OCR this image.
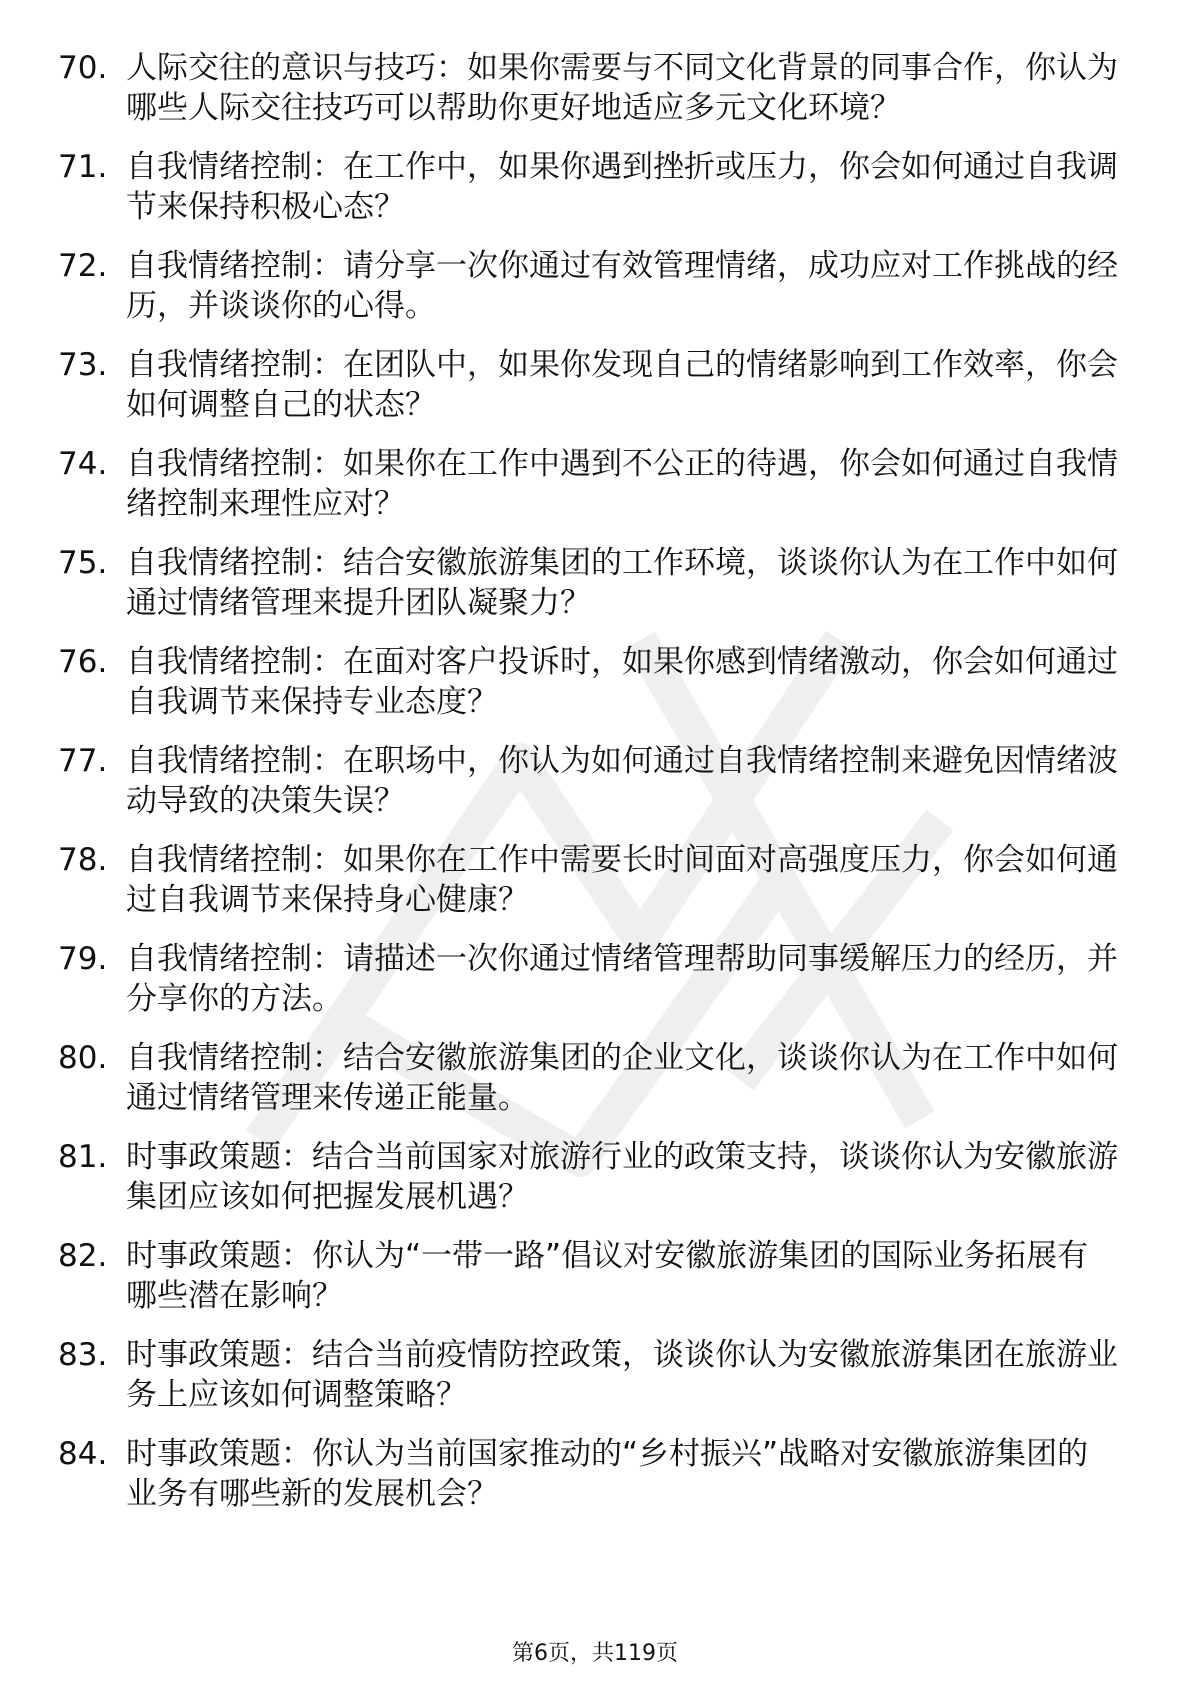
70. 人际交往的意识与技巧：如果你需要与不同文化背景的同事合作，你认为哪些人际交往技巧可以帮助你更好地适应多元文化环境？
71. 自我情绪控制：在工作中，如果你遇到挫折或压力，你会如何通过自我调节来保持积极心态？
72. 自我情绪控制：请分享一次你通过有效管理情绪，成功应对工作挑战的经历，并谈谈你的心得。
73. 自我情绪控制：在团队中，如果你发现自己的情绪影响到工作效率，你会如何调整自己的状态？
74. 自我情绪控制：如果你在工作中遇到不公正的待遇，你会如何通过自我情绪控制来理性应对？
75. 自我情绪控制：结合安徽旅游集团的工作环境，谈谈你认为在工作中如何通过情绪管理来提升团队凝聚力？
76. 自我情绪控制：在面对客户投诉时，如果你感到情绪激动，你会如何通过自我调节来保持专业态度？
77. 自我情绪控制：在职场中，你认为如何通过自我情绪控制来避免因情绪波动导致的决策失误？
78. 自我情绪控制：如果你在工作中需要长时间面对高强度压力，你会如何通过自我调节来保持身心健康？
79. 自我情绪控制：请描述一次你通过情绪管理帮助同事缓解压力的经历，并分享你的方法。
80. 自我情绪控制：结合安徽旅游集团的企业文化，谈谈你认为在工作中如何通过情绪管理来传递正能量。
81. 时事政策题：结合当前国家对旅游行业的政策支持，谈谈你认为安徽旅游集团应该如何把握发展机遇？
82. 时事政策题：你认为“一带一路”倡议对安徽旅游集团的国际业务拓展有哪些潜在影响？
83. 时事政策题：结合当前疫情防控政策，谈谈你认为安徽旅游集团在旅游业务上应该如何调整策略？
84. 时事政策题：你认为当前国家推动的“乡村振兴”战略对安徽旅游集团的业务有哪些新的发展机会？
第6页，共119页
